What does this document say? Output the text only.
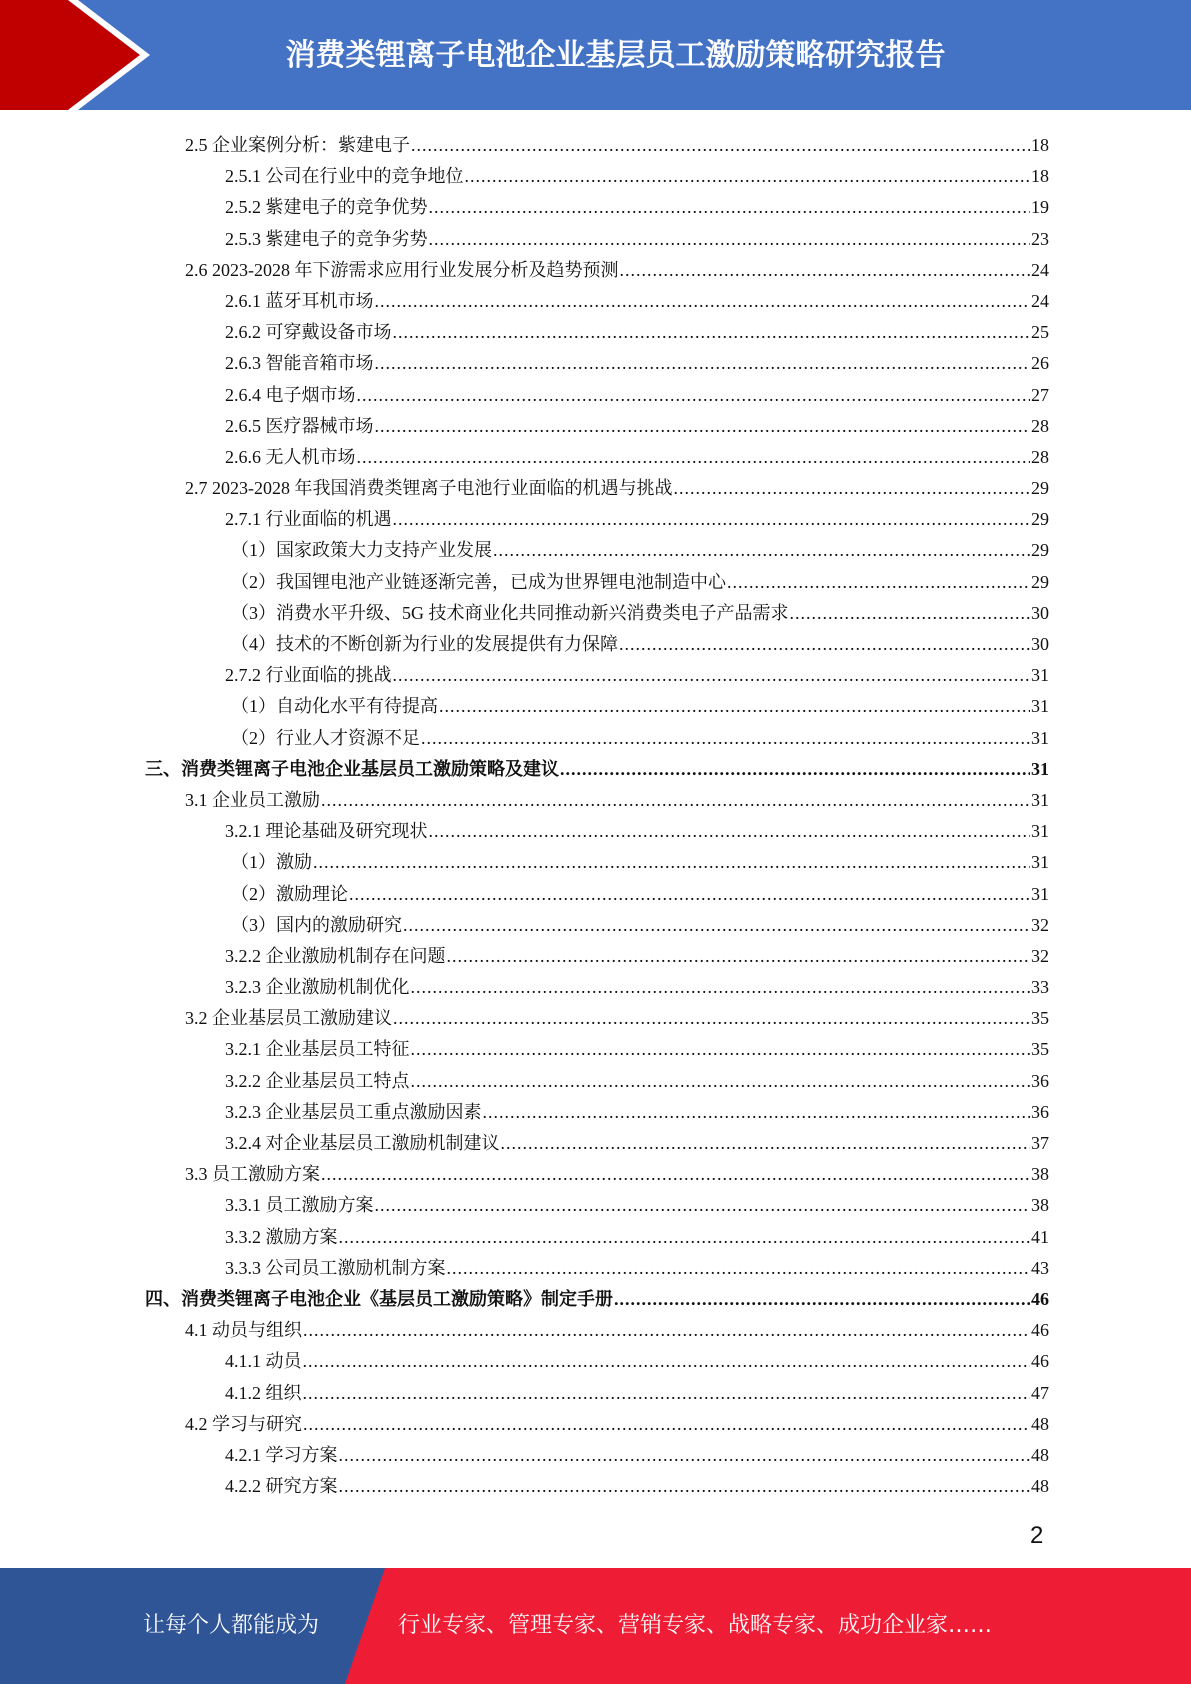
消费类锂离子电池企业基层员工激励策略研究报告
2.5 企业案例分析：紫建电子 .....	18
2.5.1 公司在行业中的竞争地位 .....	18
2.5.2 紫建电子的竞争优势 .....	19
2.5.3 紫建电子的竞争劣势 .....	23
2.6 2023-2028 年下游需求应用行业发展分析及趋势预测 .....	24
2.6.1 蓝牙耳机市场 .....	24
2.6.2 可穿戴设备市场 .....	25
2.6.3 智能音箱市场 .....	26
2.6.4 电子烟市场 .....	27
2.6.5 医疗器械市场 .....	28
2.6.6 无人机市场 .....	28
2.7 2023-2028 年我国消费类锂离子电池行业面临的机遇与挑战 .....	29
2.7.1 行业面临的机遇 .....	29
（1）国家政策大力支持产业发展 .....	29
（2）我国锂电池产业链逐渐完善，已成为世界锂电池制造中心 .....	29
（3）消费水平升级、5G 技术商业化共同推动新兴消费类电子产品需求 .....	30
（4）技术的不断创新为行业的发展提供有力保障 .....	30
2.7.2 行业面临的挑战 .....	31
（1）自动化水平有待提高 .....	31
（2）行业人才资源不足 .....	31
三、消费类锂离子电池企业基层员工激励策略及建议 .....	31
3.1 企业员工激励 .....	31
3.2.1 理论基础及研究现状 .....	31
（1）激励 .....	31
（2）激励理论 .....	31
（3）国内的激励研究 .....	32
3.2.2 企业激励机制存在问题 .....	32
3.2.3 企业激励机制优化 .....	33
3.2 企业基层员工激励建议 .....	35
3.2.1 企业基层员工特征 .....	35
3.2.2 企业基层员工特点 .....	36
3.2.3 企业基层员工重点激励因素 .....	36
3.2.4 对企业基层员工激励机制建议 .....	37
3.3 员工激励方案 .....	38
3.3.1 员工激励方案 .....	38
3.3.2 激励方案 .....	41
3.3.3 公司员工激励机制方案 .....	43
四、消费类锂离子电池企业《基层员工激励策略》制定手册 .....	46
4.1 动员与组织 .....	46
4.1.1 动员 .....	46
4.1.2 组织 .....	47
4.2 学习与研究 .....	48
4.2.1 学习方案 .....	48
4.2.2 研究方案 .....	48
2
让每个人都能成为	行业专家、管理专家、营销专家、战略专家、成功企业家……
